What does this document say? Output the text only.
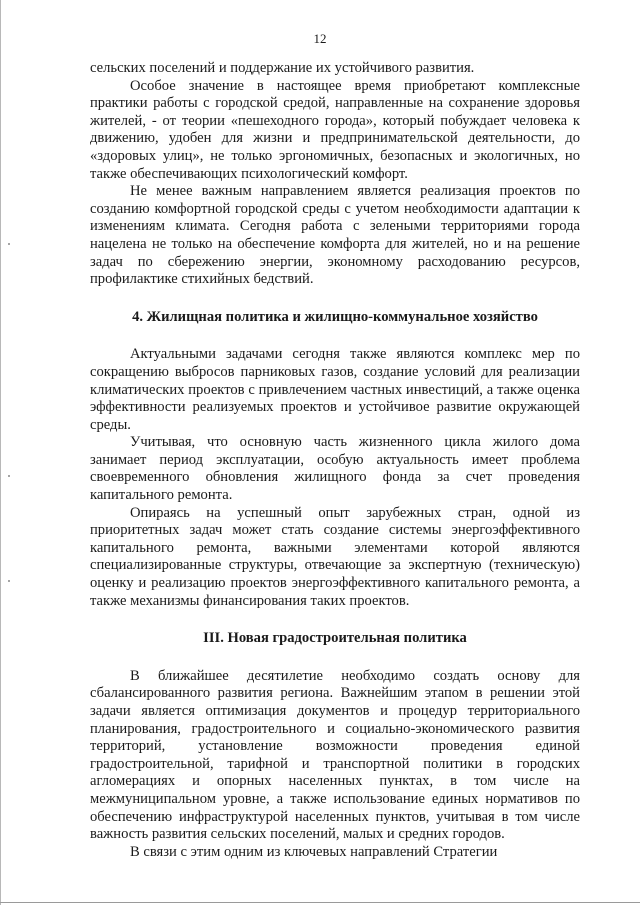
12

сельских поселений и поддержание их устойчивого развития.

Особое значение в настоящее время приобретают комплексные практики работы с городской средой, направленные на сохранение здоровья жителей, - от теории «пешеходного города», который побуждает человека к движению, удобен для жизни и предпринимательской деятельности, до «здоровых улиц», не только эргономичных, безопасных и экологичных, но также обеспечивающих психологический комфорт.

Не менее важным направлением является реализация проектов по созданию комфортной городской среды с учетом необходимости адаптации к изменениям климата. Сегодня работа с зелеными территориями города нацелена не только на обеспечение комфорта для жителей, но и на решение задач по сбережению энергии, экономному расходованию ресурсов, профилактике стихийных бедствий.

4. Жилищная политика и жилищно-коммунальное хозяйство

Актуальными задачами сегодня также являются комплекс мер по сокращению выбросов парниковых газов, создание условий для реализации климатических проектов с привлечением частных инвестиций, а также оценка эффективности реализуемых проектов и устойчивое развитие окружающей среды.

Учитывая, что основную часть жизненного цикла жилого дома занимает период эксплуатации, особую актуальность имеет проблема своевременного обновления жилищного фонда за счет проведения капитального ремонта.

Опираясь на успешный опыт зарубежных стран, одной из приоритетных задач может стать создание системы энергоэффективного капитального ремонта, важными элементами которой являются специализированные структуры, отвечающие за экспертную (техническую) оценку и реализацию проектов энергоэффективного капитального ремонта, а также механизмы финансирования таких проектов.

III. Новая градостроительная политика

В ближайшее десятилетие необходимо создать основу для сбалансированного развития региона. Важнейшим этапом в решении этой задачи является оптимизация документов и процедур территориального планирования, градостроительного и социально-экономического развития территорий, установление возможности проведения единой градостроительной, тарифной и транспортной политики в городских агломерациях и опорных населенных пунктах, в том числе на межмуниципальном уровне, а также использование единых нормативов по обеспечению инфраструктурой населенных пунктов, учитывая в том числе важность развития сельских поселений, малых и средних городов.

В связи с этим одним из ключевых направлений Стратегии
